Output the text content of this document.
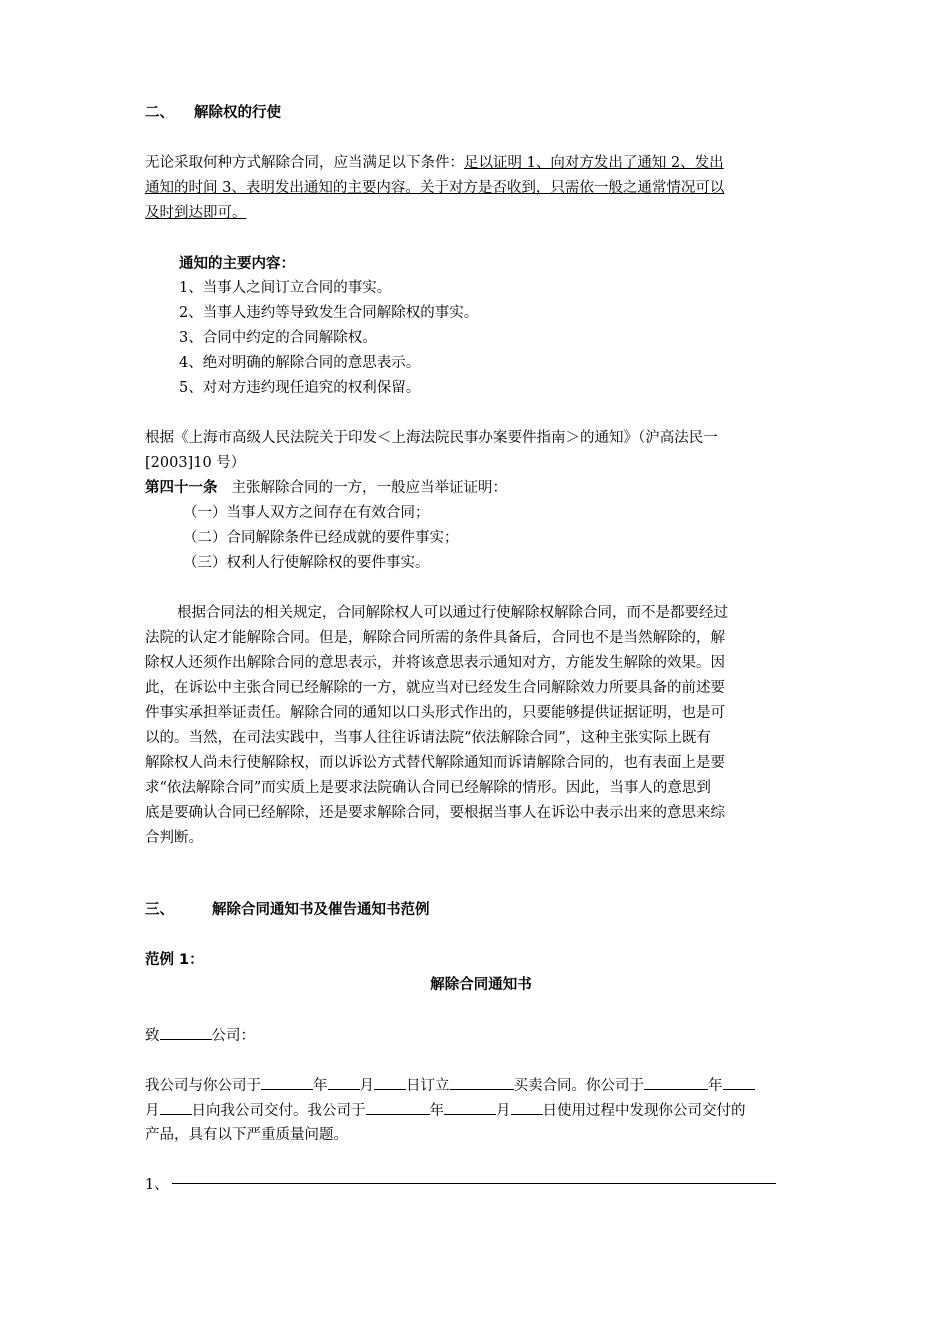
二、 解除权的行使
无论采取何种方式解除合同，应当满足以下条件：足以证明 1、向对方发出了通知 2、发出
通知的时间 3、表明发出通知的主要内容。关于对方是否收到，只需依一般之通常情况可以
及时到达即可。
通知的主要内容：
1、当事人之间订立合同的事实。
2、当事人违约等导致发生合同解除权的事实。
3、合同中约定的合同解除权。
4、绝对明确的解除合同的意思表示。
5、对对方违约现任追究的权利保留。
根据《上海市高级人民法院关于印发＜上海法院民事办案要件指南＞的通知》（沪高法民一
[2003]10 号）
第四十一条 主张解除合同的一方，一般应当举证证明：
（一）当事人双方之间存在有效合同；
（二）合同解除条件已经成就的要件事实；
（三）权利人行使解除权的要件事实。
根据合同法的相关规定，合同解除权人可以通过行使解除权解除合同，而不是都要经过
法院的认定才能解除合同。但是，解除合同所需的条件具备后，合同也不是当然解除的，解
除权人还须作出解除合同的意思表示，并将该意思表示通知对方，方能发生解除的效果。因
此，在诉讼中主张合同已经解除的一方，就应当对已经发生合同解除效力所要具备的前述要
件事实承担举证责任。解除合同的通知以口头形式作出的，只要能够提供证据证明，也是可
以的。当然，在司法实践中，当事人往往诉请法院“依法解除合同”，这种主张实际上既有
解除权人尚未行使解除权，而以诉讼方式替代解除通知而诉请解除合同的，也有表面上是要
求“依法解除合同”而实质上是要求法院确认合同已经解除的情形。因此，当事人的意思到
底是要确认合同已经解除，还是要求解除合同，要根据当事人在诉讼中表示出来的意思来综
合判断。
三、	解除合同通知书及催告通知书范例
范例 1：
解除合同通知书
致	公司：
我公司与你公司于	年 月 日订立	买卖合同。你公司于	年
月 日向我公司交付。我公司于	年	月 日使用过程中发现你公司交付的
产品，具有以下严重质量问题。
1、
